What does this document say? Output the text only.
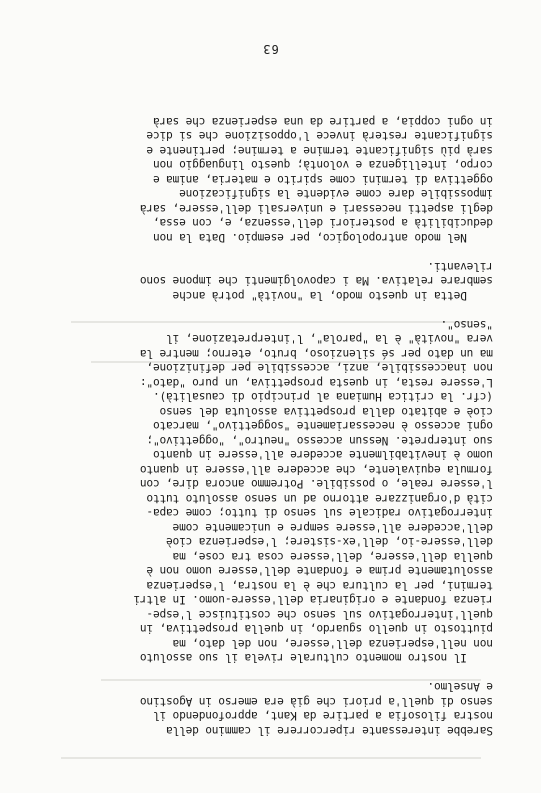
Sarebbe interessante ripercorrere il cammino della
nostra filosofia a partire da Kant, approfondendo il
senso di quell'a priori che già era emerso in Agostino
e Anselmo.
Il nostro momento culturale rivela il suo assoluto
non nell'esperienza dell'essere, non del dato, ma
piuttosto in quello sguardo, in quella prospettiva, in
quell'interrogativo sul senso che costituisce l'espe-
rienza fondante e originaria dell'essere-uomo. In altri
termini, per la cultura che è la nostra, l'esperienza
assolutamente prima e fondante dell'essere uomo non è
quella dell'essere, dell'essere cosa tra cose, ma
dell'essere-io, dell'ex-sistere; l'esperienza cioè
dell'accedere all'essere sempre e unicamente come
interrogativo radicale sul senso di tutto; come capa-
cità d'organizzare attorno ad un senso assoluto tutto
l'essere reale, o possibile. Potremmo ancora dire, con
formula equivalente, che accedere all'essere in quanto
uomo è inevitabilmente accedere all'essere in quanto
suo interprete. Nessun accesso "neutro", "oggettivo";
ogni accesso è necessariamente "soggettivo", marcato
cioè e abitato dalla prospettiva assoluta del senso
(cfr. la critica Humiana al principio di causalità).
L'essere resta, in questa prospettiva, un puro "dato":
non inaccessibile, anzi, accessibile per definizione,
ma un dato per sé silenzioso, bruto, eterno; mentre la
vera "novità" è la "parola", l'interpretazione, il
"senso".
Detta in questo modo, la "novità" potrà anche
sembrare relativa. Ma i capovolgimenti che impone sono
rilevanti.
Nel modo antropologico, per esempio. Data la non
deducibilità a posteriori dell'essenza, e, con essa,
degli aspetti necessari e universali dell'essere, sarà
impossibile dare come evidente la significazione
oggettiva di termini come spirito e materia, anima e
corpo, intelligenza e volontà; questo linguaggio non
sarà più significante termine a termine; pertinente e
significante resterà invece l'opposizione che si dice
in ogni coppia, a partire da una esperienza che sarà
63
